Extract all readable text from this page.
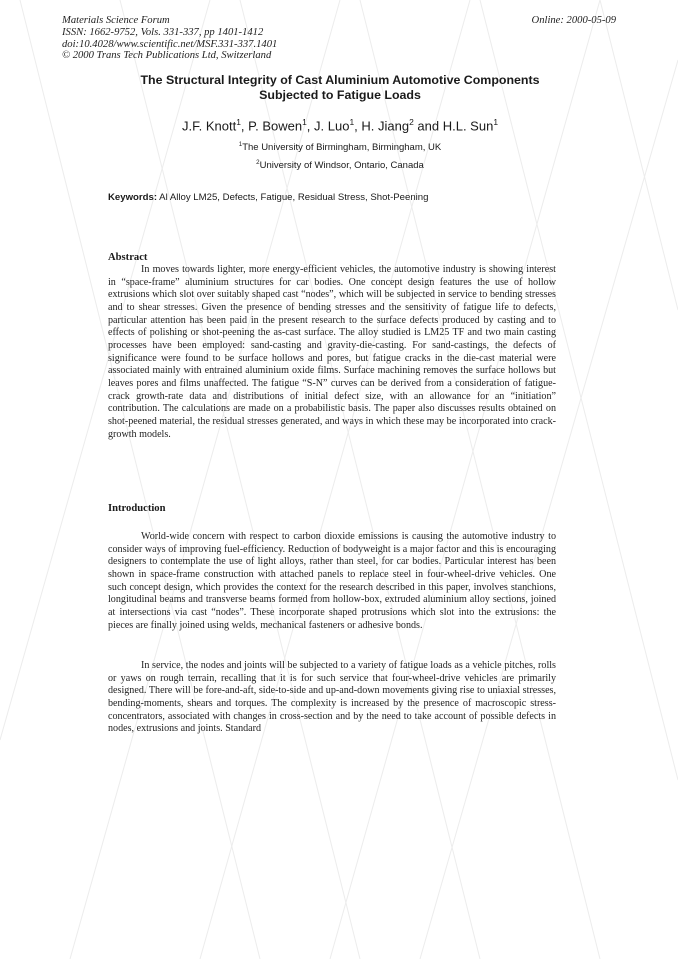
Materials Science Forum
ISSN: 1662-9752, Vols. 331-337, pp 1401-1412
doi:10.4028/www.scientific.net/MSF.331-337.1401
© 2000 Trans Tech Publications Ltd, Switzerland
Online: 2000-05-09
The Structural Integrity of Cast Aluminium Automotive Components
Subjected to Fatigue Loads
J.F. Knott$^1$, P. Bowen$^1$, J. Luo$^1$, H. Jiang$^2$ and H.L. Sun$^1$
$^1$The University of Birmingham, Birmingham, UK
$^2$University of Windsor, Ontario, Canada
Keywords: Al Alloy LM25, Defects, Fatigue, Residual Stress, Shot-Peening
Abstract

In moves towards lighter, more energy-efficient vehicles, the automotive industry is showing interest in “space-frame” aluminium structures for car bodies. One concept design features the use of hollow extrusions which slot over suitably shaped cast “nodes”, which will be subjected in service to bending stresses and to shear stresses. Given the presence of bending stresses and the sensitivity of fatigue life to defects, particular attention has been paid in the present research to the surface defects produced by casting and to effects of polishing or shot-peening the as-cast surface. The alloy studied is LM25 TF and two main casting processes have been employed: sand-casting and gravity-die-casting. For sand-castings, the defects of significance were found to be surface hollows and pores, but fatigue cracks in the die-cast material were associated mainly with entrained aluminium oxide films. Surface machining removes the surface hollows but leaves pores and films unaffected. The fatigue “S-N” curves can be derived from a consideration of fatigue-crack growth-rate data and distributions of initial defect size, with an allowance for an “initiation” contribution. The calculations are made on a probabilistic basis. The paper also discusses results obtained on shot-peened material, the residual stresses generated, and ways in which these may be incorporated into crack-growth models.

Introduction

World-wide concern with respect to carbon dioxide emissions is causing the automotive industry to consider ways of improving fuel-efficiency. Reduction of bodyweight is a major factor and this is encouraging designers to contemplate the use of light alloys, rather than steel, for car bodies. Particular interest has been shown in space-frame construction with attached panels to replace steel in four-wheel-drive vehicles. One such concept design, which provides the context for the research described in this paper, involves stanchions, longitudinal beams and transverse beams formed from hollow-box, extruded aluminium alloy sections, joined at intersections via cast “nodes”. These incorporate shaped protrusions which slot into the extrusions: the pieces are finally joined using welds, mechanical fasteners or adhesive bonds.

In service, the nodes and joints will be subjected to a variety of fatigue loads as a vehicle pitches, rolls or yaws on rough terrain, recalling that it is for such service that four-wheel-drive vehicles are primarily designed. There will be fore-and-aft, side-to-side and up-and-down movements giving rise to uniaxial stresses, bending-moments, shears and torques. The complexity is increased by the presence of macroscopic stress-concentrators, associated with changes in cross-section and by the need to take account of possible defects in nodes, extrusions and joints. Standard
